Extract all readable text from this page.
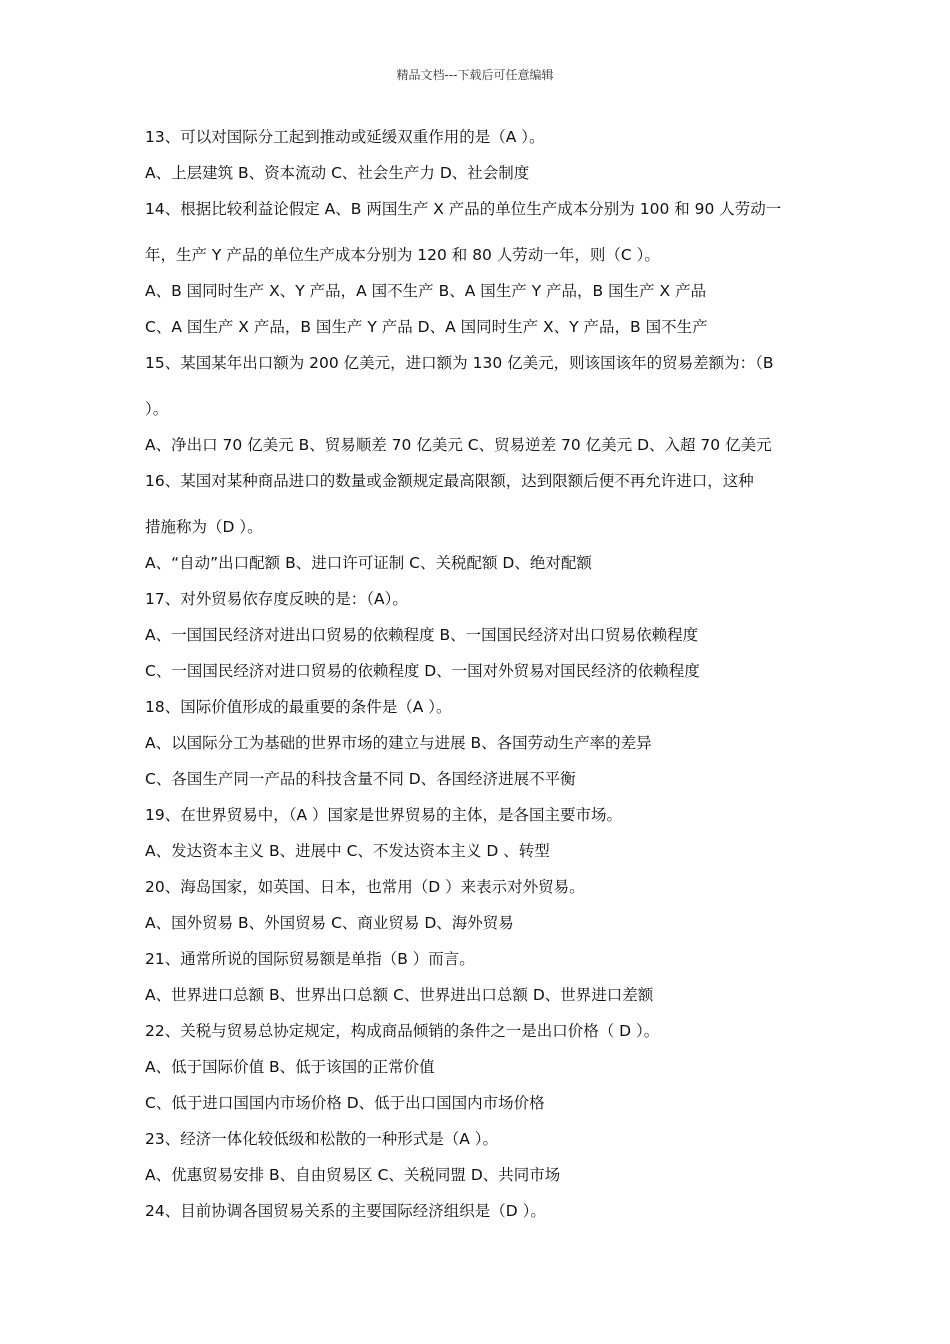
精品文档---下载后可任意编辑
13、可以对国际分工起到推动或延缓双重作用的是（A ）。
A、上层建筑 B、资本流动 C、社会生产力 D、社会制度
14、根据比较利益论假定 A、B 两国生产 X 产品的单位生产成本分别为 100 和 90 人劳动一
年，生产 Y 产品的单位生产成本分别为 120 和 80 人劳动一年，则（C ）。
A、B 国同时生产 X、Y 产品，A 国不生产 B、A 国生产 Y 产品，B 国生产 X 产品
C、A 国生产 X 产品，B 国生产 Y 产品 D、A 国同时生产 X、Y 产品，B 国不生产
15、某国某年出口额为 200 亿美元，进口额为 130 亿美元，则该国该年的贸易差额为：（B
）。
A、净出口 70 亿美元 B、贸易顺差 70 亿美元 C、贸易逆差 70 亿美元 D、入超 70 亿美元
16、某国对某种商品进口的数量或金额规定最高限额，达到限额后便不再允许进口，这种
措施称为（D ）。
A、“自动”出口配额 B、进口许可证制 C、关税配额 D、绝对配额
17、对外贸易依存度反映的是：（A）。
A、一国国民经济对进出口贸易的依赖程度 B、一国国民经济对出口贸易依赖程度
C、一国国民经济对进口贸易的依赖程度 D、一国对外贸易对国民经济的依赖程度
18、国际价值形成的最重要的条件是（A ）。
A、以国际分工为基础的世界市场的建立与进展 B、各国劳动生产率的差异
C、各国生产同一产品的科技含量不同 D、各国经济进展不平衡
19、在世界贸易中，（A ）国家是世界贸易的主体，是各国主要市场。
A、发达资本主义 B、进展中 C、不发达资本主义 D 、转型
20、海岛国家，如英国、日本，也常用（D ）来表示对外贸易。
A、国外贸易 B、外国贸易 C、商业贸易 D、海外贸易
21、通常所说的国际贸易额是单指（B ）而言。
A、世界进口总额 B、世界出口总额 C、世界进出口总额 D、世界进口差额
22、关税与贸易总协定规定，构成商品倾销的条件之一是出口价格（ D ）。
A、低于国际价值 B、低于该国的正常价值
C、低于进口国国内市场价格 D、低于出口国国内市场价格
23、经济一体化较低级和松散的一种形式是（A ）。
A、优惠贸易安排 B、自由贸易区 C、关税同盟 D、共同市场
24、目前协调各国贸易关系的主要国际经济组织是（D ）。
